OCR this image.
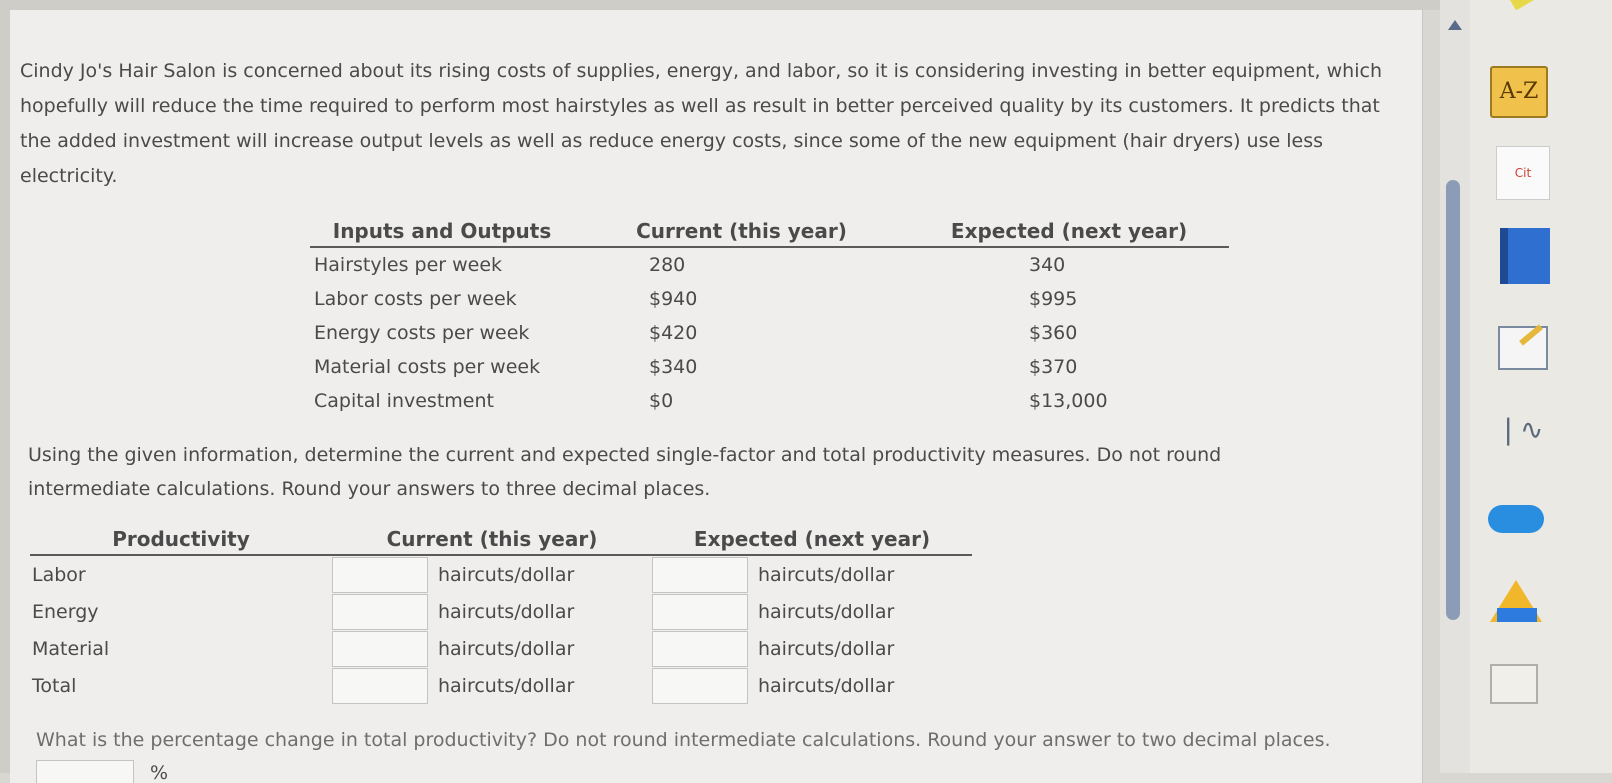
Cindy Jo's Hair Salon is concerned about its rising costs of supplies, energy, and labor, so it is considering investing in better equipment, which hopefully will reduce the time required to perform most hairstyles as well as result in better perceived quality by its customers. It predicts that the added investment will increase output levels as well as reduce energy costs, since some of the new equipment (hair dryers) use less electricity.

Inputs and Outputs	Current (this year)	Expected (next year)
Hairstyles per week	280	340
Labor costs per week	$940	$995
Energy costs per week	$420	$360
Material costs per week	$340	$370
Capital investment	$0	$13,000

Using the given information, determine the current and expected single-factor and total productivity measures. Do not round intermediate calculations. Round your answers to three decimal places.

Productivity	Current (this year)	Expected (next year)
Labor	haircuts/dollar	haircuts/dollar
Energy	haircuts/dollar	haircuts/dollar
Material	haircuts/dollar	haircuts/dollar
Total	haircuts/dollar	haircuts/dollar

What is the percentage change in total productivity? Do not round intermediate calculations. Round your answer to two decimal places.

%
A-Z
Cit
❘∿
